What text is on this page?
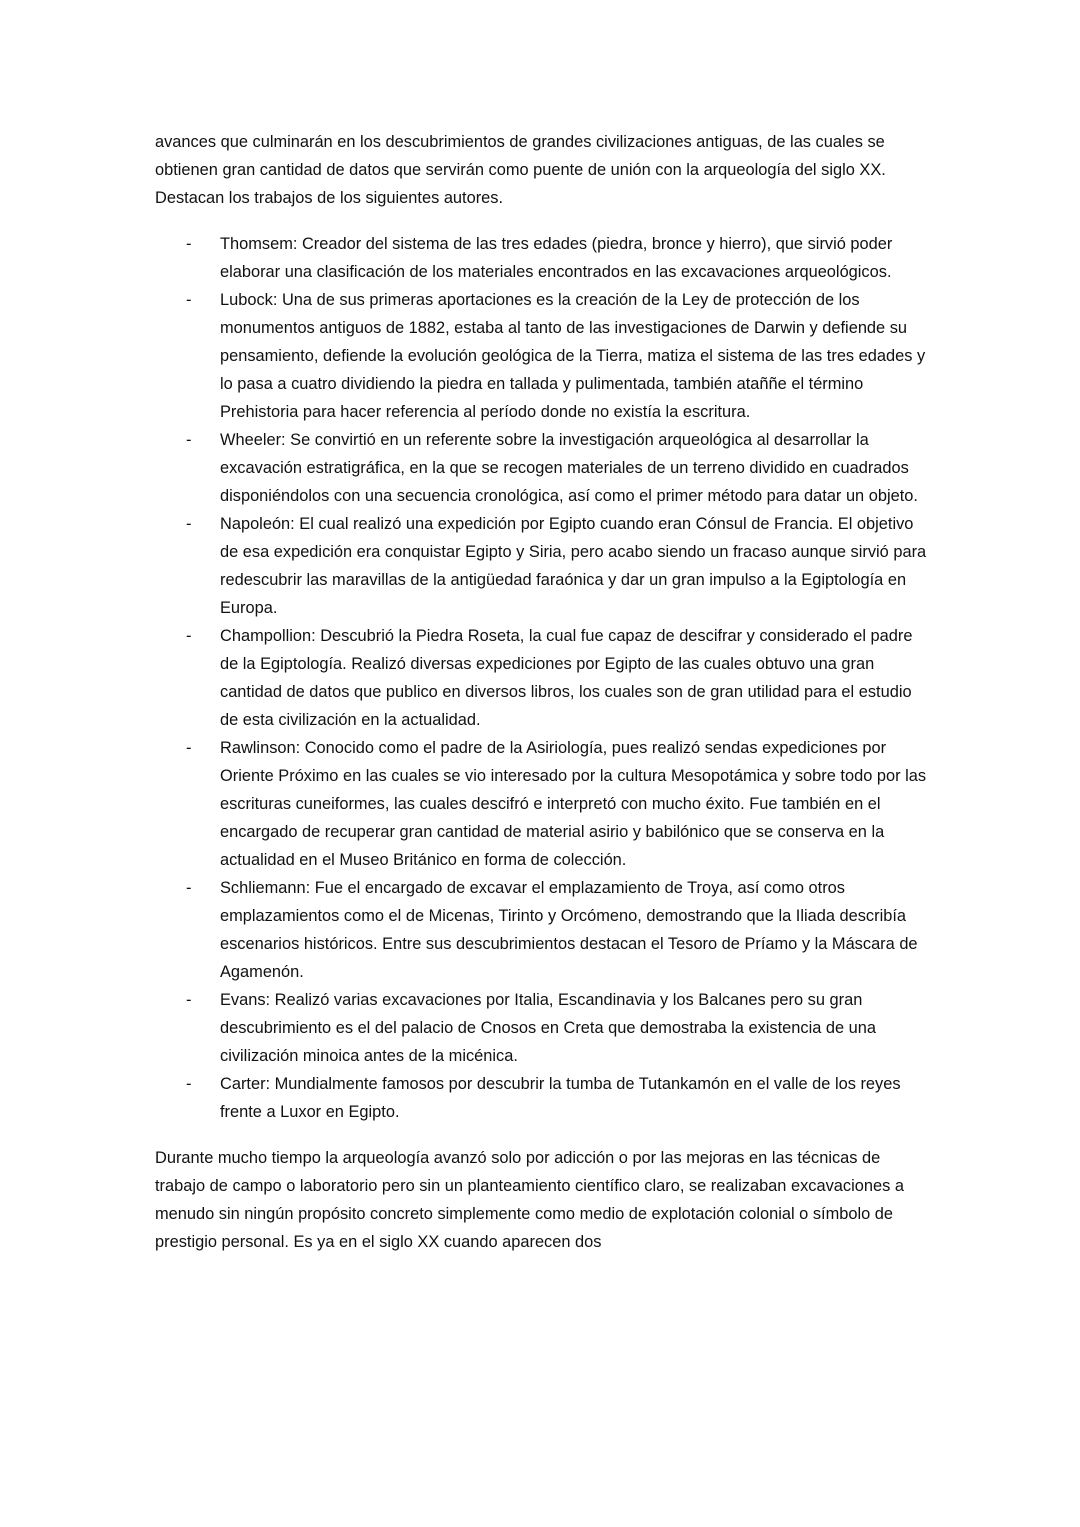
avances que culminarán en los descubrimientos de grandes civilizaciones antiguas, de las cuales se obtienen gran cantidad de datos que servirán como puente de unión con la arqueología del siglo XX. Destacan los trabajos de los siguientes autores.

- Thomsem: Creador del sistema de las tres edades (piedra, bronce y hierro), que sirvió poder elaborar una clasificación de los materiales encontrados en las excavaciones arqueológicos.
- Lubock: Una de sus primeras aportaciones es la creación de la Ley de protección de los monumentos antiguos de 1882, estaba al tanto de las investigaciones de Darwin y defiende su pensamiento, defiende la evolución geológica de la Tierra, matiza el sistema de las tres edades y lo pasa a cuatro dividiendo la piedra en tallada y pulimentada, también ataññe el término Prehistoria para hacer referencia al período donde no existía la escritura.
- Wheeler: Se convirtió en un referente sobre la investigación arqueológica al desarrollar la excavación estratigráfica, en la que se recogen materiales de un terreno dividido en cuadrados disponiéndolos con una secuencia cronológica, así como el primer método para datar un objeto.
- Napoleón: El cual realizó una expedición por Egipto cuando eran Cónsul de Francia. El objetivo de esa expedición era conquistar Egipto y Siria, pero acabo siendo un fracaso aunque sirvió para redescubrir las maravillas de la antigüedad faraónica y dar un gran impulso a la Egiptología en Europa.
- Champollion: Descubrió la Piedra Roseta, la cual fue capaz de descifrar y considerado el padre de la Egiptología. Realizó diversas expediciones por Egipto de las cuales obtuvo una gran cantidad de datos que publico en diversos libros, los cuales son de gran utilidad para el estudio de esta civilización en la actualidad.
- Rawlinson: Conocido como el padre de la Asiriología, pues realizó sendas expediciones por Oriente Próximo en las cuales se vio interesado por la cultura Mesopotámica y sobre todo por las escrituras cuneiformes, las cuales descifró e interpretó con mucho éxito. Fue también en el encargado de recuperar gran cantidad de material asirio y babilónico que se conserva en la actualidad en el Museo Británico en forma de colección.
- Schliemann: Fue el encargado de excavar el emplazamiento de Troya, así como otros emplazamientos como el de Micenas, Tirinto y Orcómeno, demostrando que la Iliada describía escenarios históricos. Entre sus descubrimientos destacan el Tesoro de Príamo y la Máscara de Agamenón.
- Evans: Realizó varias excavaciones por Italia, Escandinavia y los Balcanes pero su gran descubrimiento es el del palacio de Cnosos en Creta que demostraba la existencia de una civilización minoica antes de la micénica.
- Carter: Mundialmente famosos por descubrir la tumba de Tutankamón en el valle de los reyes frente a Luxor en Egipto.

Durante mucho tiempo la arqueología avanzó solo por adicción o por las mejoras en las técnicas de trabajo de campo o laboratorio pero sin un planteamiento científico claro, se realizaban excavaciones a menudo sin ningún propósito concreto simplemente como medio de explotación colonial o símbolo de prestigio personal. Es ya en el siglo XX cuando aparecen dos
